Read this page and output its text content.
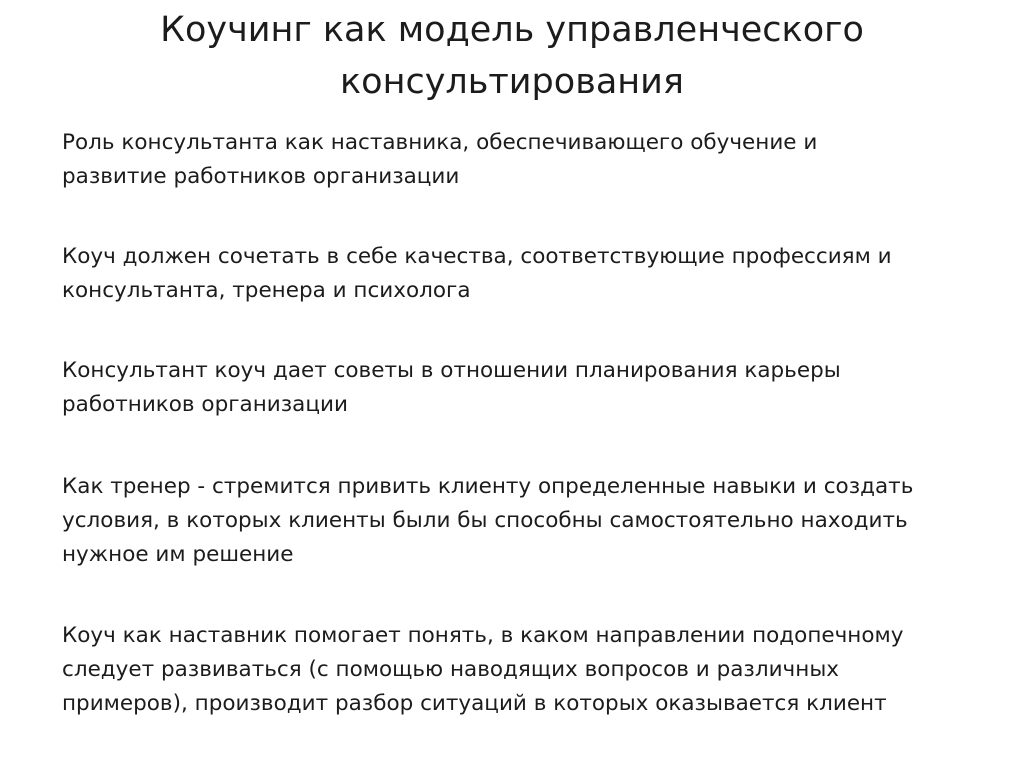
Коучинг как модель управленческого
консультирования

Роль консультанта как наставника, обеспечивающего обучение и
развитие работников организации

Коуч должен сочетать в себе качества, соответствующие профессиям и
консультанта, тренера и психолога

Консультант коуч дает советы в отношении планирования карьеры
работников организации

Как тренер - стремится привить клиенту определенные навыки и создать
условия, в которых клиенты были бы способны самостоятельно находить
нужное им решение

Коуч как наставник помогает понять, в каком направлении подопечному
следует развиваться (с помощью наводящих вопросов и различных
примеров), производит разбор ситуаций в которых оказывается клиент
